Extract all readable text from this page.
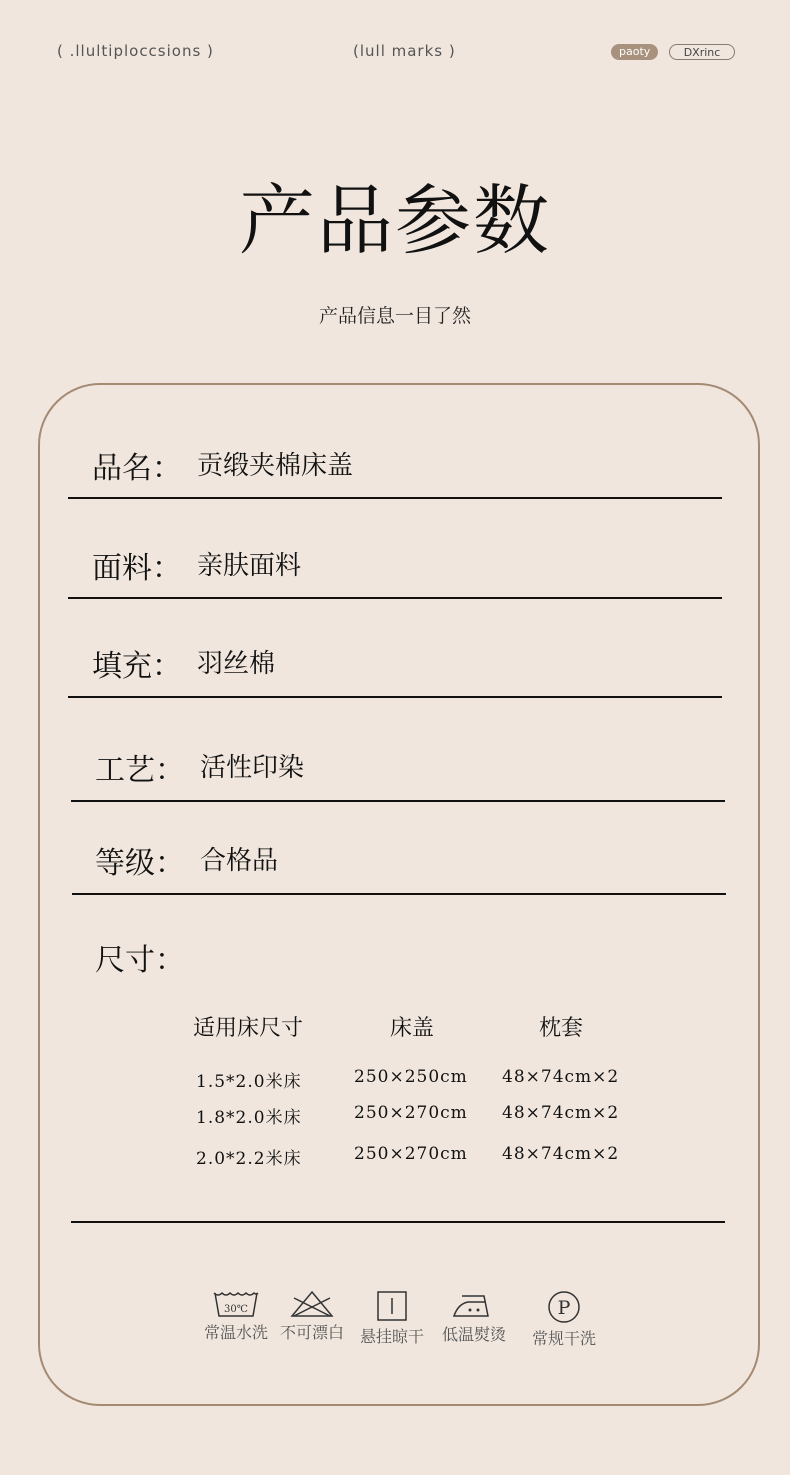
( .llultiploccsions )	(lull marks )	paoty	DXrinc
产品参数
产品信息一目了然
品名： 贡缎夹棉床盖
面料： 亲肤面料
填充： 羽丝棉
工艺： 活性印染
等级： 合格品
尺寸：
适用床尺寸	床盖	枕套
1.5*2.0米床	250×250cm 48×74cm×2
1.8*2.0米床	250×270cm 48×74cm×2
2.0*2.2米床	250×270cm 48×74cm×2
30℃
常温水洗 不可漂白 悬挂晾干	低温熨烫
P
常规干洗
